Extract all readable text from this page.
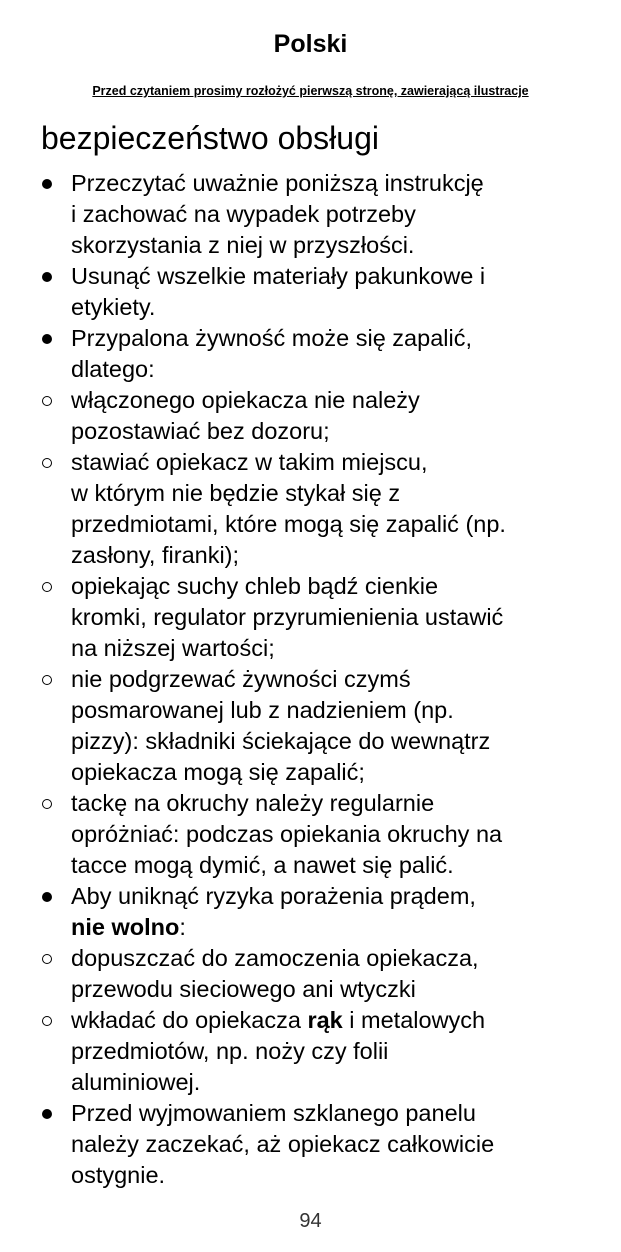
Polski
Przed czytaniem prosimy rozłożyć pierwszą stronę, zawierającą ilustracje
bezpieczeństwo obsługi
Przeczytać uważnie poniższą instrukcję
i zachować na wypadek potrzeby
skorzystania z niej w przyszłości.
Usunąć wszelkie materiały pakunkowe i
etykiety.
Przypalona żywność może się zapalić,
dlatego:
włączonego opiekacza nie należy
pozostawiać bez dozoru;
stawiać opiekacz w takim miejscu,
w którym nie będzie stykał się z
przedmiotami, które mogą się zapalić (np.
zasłony, firanki);
opiekając suchy chleb bądź cienkie
kromki, regulator przyrumienienia ustawić
na niższej wartości;
nie podgrzewać żywności czymś
posmarowanej lub z nadzieniem (np.
pizzy): składniki ściekające do wewnątrz
opiekacza mogą się zapalić;
tackę na okruchy należy regularnie
opróżniać: podczas opiekania okruchy na
tacce mogą dymić, a nawet się palić.
Aby uniknąć ryzyka porażenia prądem,
nie wolno:
dopuszczać do zamoczenia opiekacza,
przewodu sieciowego ani wtyczki
wkładać do opiekacza rąk i metalowych
przedmiotów, np. noży czy folii
aluminiowej.
Przed wyjmowaniem szklanego panelu
należy zaczekać, aż opiekacz całkowicie
ostygnie.
94
